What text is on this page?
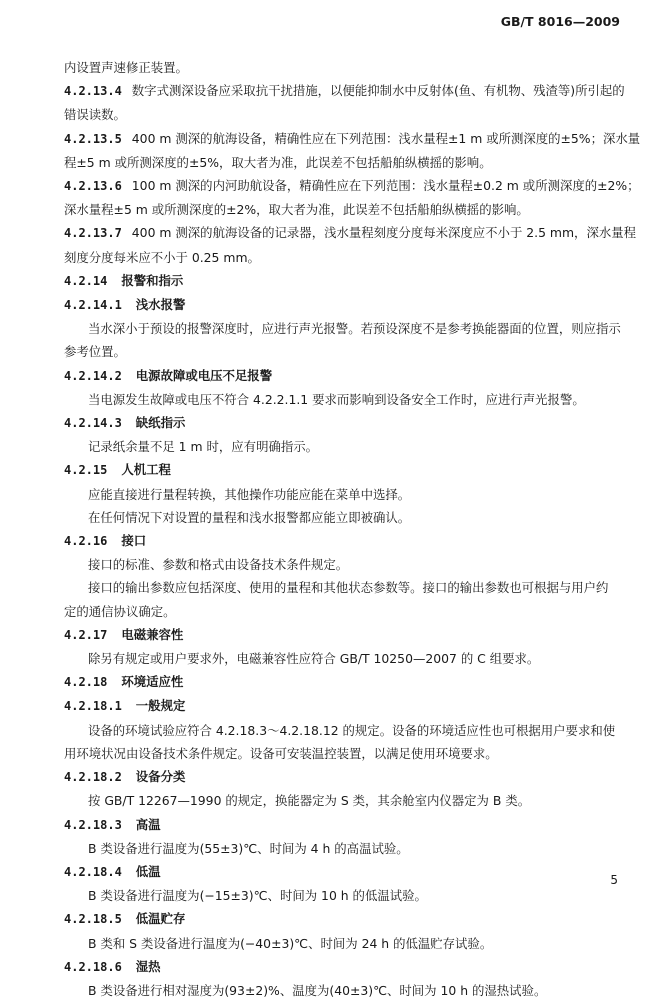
GB/T 8016—2009
内设置声速修正装置。
4.2.13.4 数字式测深设备应采取抗干扰措施，以便能抑制水中反射体(鱼、有机物、残渣等)所引起的
错误读数。
4.2.13.5 400 m 测深的航海设备，精确性应在下列范围：浅水量程±1 m 或所测深度的±5%；深水量
程±5 m 或所测深度的±5%，取大者为准，此误差不包括船舶纵横摇的影响。
4.2.13.6 100 m 测深的内河助航设备，精确性应在下列范围：浅水量程±0.2 m 或所测深度的±2%；
深水量程±5 m 或所测深度的±2%，取大者为准，此误差不包括船舶纵横摇的影响。
4.2.13.7 400 m 测深的航海设备的记录器，浅水量程刻度分度每米深度应不小于 2.5 mm，深水量程
刻度分度每米应不小于 0.25 mm。
4.2.14 报警和指示
4.2.14.1 浅水报警
当水深小于预设的报警深度时，应进行声光报警。若预设深度不是参考换能器面的位置，则应指示
参考位置。
4.2.14.2 电源故障或电压不足报警
当电源发生故障或电压不符合 4.2.2.1.1 要求而影响到设备安全工作时，应进行声光报警。
4.2.14.3 缺纸指示
记录纸余量不足 1 m 时，应有明确指示。
4.2.15 人机工程
应能直接进行量程转换，其他操作功能应能在菜单中选择。
在任何情况下对设置的量程和浅水报警都应能立即被确认。
4.2.16 接口
接口的标准、参数和格式由设备技术条件规定。
接口的输出参数应包括深度、使用的量程和其他状态参数等。接口的输出参数也可根据与用户约
定的通信协议确定。
4.2.17 电磁兼容性
除另有规定或用户要求外，电磁兼容性应符合 GB/T 10250—2007 的 C 组要求。
4.2.18 环境适应性
4.2.18.1 一般规定
设备的环境试验应符合 4.2.18.3～4.2.18.12 的规定。设备的环境适应性也可根据用户要求和使
用环境状况由设备技术条件规定。设备可安装温控装置，以满足使用环境要求。
4.2.18.2 设备分类
按 GB/T 12267—1990 的规定，换能器定为 S 类，其余舱室内仪器定为 B 类。
4.2.18.3 高温
B 类设备进行温度为(55±3)℃、时间为 4 h 的高温试验。
4.2.18.4 低温
B 类设备进行温度为(−15±3)℃、时间为 10 h 的低温试验。
4.2.18.5 低温贮存
B 类和 S 类设备进行温度为(−40±3)℃、时间为 24 h 的低温贮存试验。
4.2.18.6 湿热
B 类设备进行相对湿度为(93±2)%、温度为(40±3)℃、时间为 10 h 的湿热试验。
5
